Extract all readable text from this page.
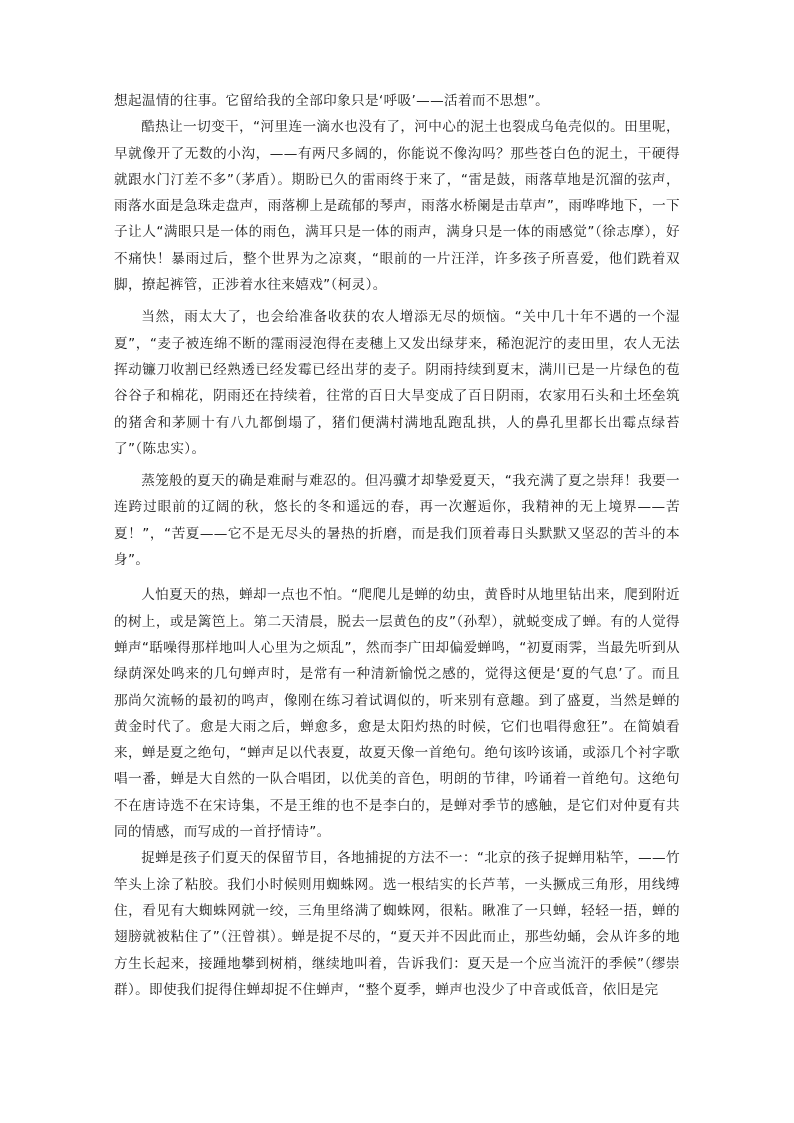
想起温情的往事。它留给我的全部印象只是‘呼吸’——活着而不思想”。

酷热让一切变干，“河里连一滴水也没有了，河中心的泥土也裂成乌龟壳似的。田里呢，早就像开了无数的小沟，——有两尺多阔的，你能说不像沟吗？那些苍白色的泥土，干硬得就跟水门汀差不多”（茅盾）。期盼已久的雷雨终于来了，“雷是鼓，雨落草地是沉溜的弦声，雨落水面是急珠走盘声，雨落柳上是疏郁的琴声，雨落水桥阑是击草声”，雨哗哗地下，一下子让人“满眼只是一体的雨色，满耳只是一体的雨声，满身只是一体的雨感觉”（徐志摩），好不痛快！暴雨过后，整个世界为之凉爽，“眼前的一片汪洋，许多孩子所喜爱，他们跣着双脚，撩起裤管，正涉着水往来嬉戏”（柯灵）。

当然，雨太大了，也会给准备收获的农人增添无尽的烦恼。“关中几十年不遇的一个湿夏”，“麦子被连绵不断的霪雨浸泡得在麦穗上又发出绿芽来，稀泡泥泞的麦田里，农人无法挥动镰刀收割已经熟透已经发霉已经出芽的麦子。阴雨持续到夏末，满川已是一片绿色的苞谷谷子和棉花，阴雨还在持续着，往常的百日大旱变成了百日阴雨，农家用石头和土坯垒筑的猪舍和茅厕十有八九都倒塌了，猪们便满村满地乱跑乱拱，人的鼻孔里都长出霉点绿苔了”（陈忠实）。

蒸笼般的夏天的确是难耐与难忍的。但冯骥才却挚爱夏天，“我充满了夏之崇拜！我要一连跨过眼前的辽阔的秋，悠长的冬和遥远的春，再一次邂逅你，我精神的无上境界——苦夏！”，“苦夏——它不是无尽头的暑热的折磨，而是我们顶着毒日头默默又坚忍的苦斗的本身”。

人怕夏天的热，蝉却一点也不怕。“爬爬儿是蝉的幼虫，黄昏时从地里钻出来，爬到附近的树上，或是篱笆上。第二天清晨，脱去一层黄色的皮”（孙犁），就蜕变成了蝉。有的人觉得蝉声“聒噪得那样地叫人心里为之烦乱”，然而李广田却偏爱蝉鸣，“初夏雨霁，当最先听到从绿荫深处鸣来的几句蝉声时，是常有一种清新愉悦之感的，觉得这便是‘夏的气息’了。而且那尚欠流畅的最初的鸣声，像刚在练习着试调似的，听来别有意趣。到了盛夏，当然是蝉的黄金时代了。愈是大雨之后，蝉愈多，愈是太阳灼热的时候，它们也唱得愈狂”。在简媜看来，蝉是夏之绝句，“蝉声足以代表夏，故夏天像一首绝句。绝句该吟该诵，或添几个衬字歌唱一番，蝉是大自然的一队合唱团，以优美的音色，明朗的节律，吟诵着一首绝句。这绝句不在唐诗选不在宋诗集，不是王维的也不是李白的，是蝉对季节的感触，是它们对仲夏有共同的情感，而写成的一首抒情诗”。

捉蝉是孩子们夏天的保留节目，各地捕捉的方法不一：“北京的孩子捉蝉用粘竿，——竹竿头上涂了粘胶。我们小时候则用蜘蛛网。选一根结实的长芦苇，一头撅成三角形，用线缚住，看见有大蜘蛛网就一绞，三角里络满了蜘蛛网，很粘。瞅准了一只蝉，轻轻一捂，蝉的翅膀就被粘住了”（汪曾祺）。蝉是捉不尽的，“夏天并不因此而止，那些幼蛹，会从许多的地方生长起来，接踵地攀到树梢，继续地叫着，告诉我们：夏天是一个应当流汗的季候”（缪崇群）。即使我们捉得住蝉却捉不住蝉声，“整个夏季，蝉声也没少了中音或低音，依旧是完
